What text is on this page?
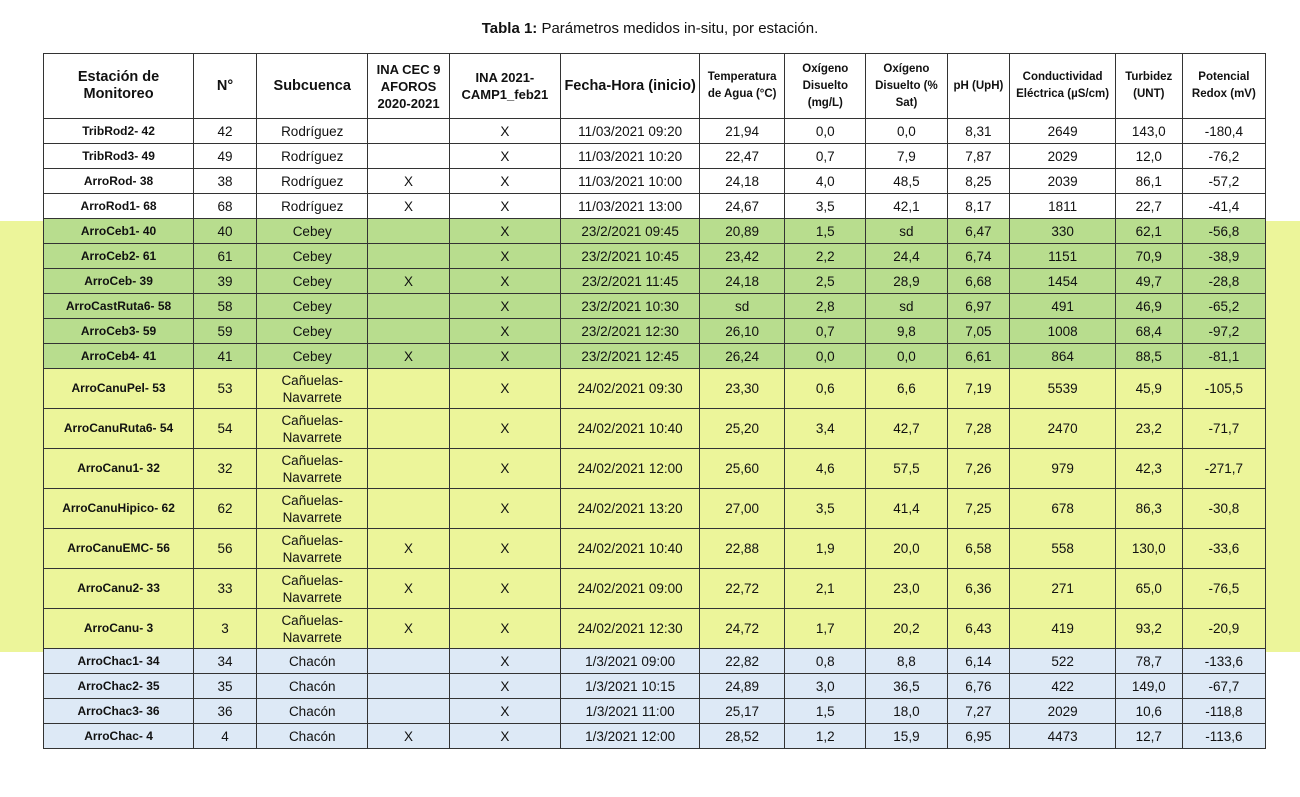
Tabla 1: Parámetros medidos in-situ, por estación.
Estación de Monitoreo	N°	Subcuenca	INA CEC 9 AFOROS 2020-2021	INA 2021-CAMP1_feb21	Fecha-Hora (inicio)	Temperatura de Agua (°C)	Oxígeno Disuelto (mg/L)	Oxígeno Disuelto (% Sat)	pH (UpH)	Conductividad Eléctrica (µS/cm)	Turbidez (UNT)	Potencial Redox (mV)
TribRod2- 42	42	Rodríguez		X	11/03/2021 09:20	21,94	0,0	0,0	8,31	2649	143,0	-180,4
TribRod3- 49	49	Rodríguez		X	11/03/2021 10:20	22,47	0,7	7,9	7,87	2029	12,0	-76,2
ArroRod- 38	38	Rodríguez	X	X	11/03/2021 10:00	24,18	4,0	48,5	8,25	2039	86,1	-57,2
ArroRod1- 68	68	Rodríguez	X	X	11/03/2021 13:00	24,67	3,5	42,1	8,17	1811	22,7	-41,4
ArroCeb1- 40	40	Cebey		X	23/2/2021 09:45	20,89	1,5	sd	6,47	330	62,1	-56,8
ArroCeb2- 61	61	Cebey		X	23/2/2021 10:45	23,42	2,2	24,4	6,74	1151	70,9	-38,9
ArroCeb- 39	39	Cebey	X	X	23/2/2021 11:45	24,18	2,5	28,9	6,68	1454	49,7	-28,8
ArroCastRuta6- 58	58	Cebey		X	23/2/2021 10:30	sd	2,8	sd	6,97	491	46,9	-65,2
ArroCeb3- 59	59	Cebey		X	23/2/2021 12:30	26,10	0,7	9,8	7,05	1008	68,4	-97,2
ArroCeb4- 41	41	Cebey	X	X	23/2/2021 12:45	26,24	0,0	0,0	6,61	864	88,5	-81,1
ArroCanuPel- 53	53	Cañuelas-Navarrete		X	24/02/2021 09:30	23,30	0,6	6,6	7,19	5539	45,9	-105,5
ArroCanuRuta6- 54	54	Cañuelas-Navarrete		X	24/02/2021 10:40	25,20	3,4	42,7	7,28	2470	23,2	-71,7
ArroCanu1- 32	32	Cañuelas-Navarrete		X	24/02/2021 12:00	25,60	4,6	57,5	7,26	979	42,3	-271,7
ArroCanuHipico- 62	62	Cañuelas-Navarrete		X	24/02/2021 13:20	27,00	3,5	41,4	7,25	678	86,3	-30,8
ArroCanuEMC- 56	56	Cañuelas-Navarrete	X	X	24/02/2021 10:40	22,88	1,9	20,0	6,58	558	130,0	-33,6
ArroCanu2- 33	33	Cañuelas-Navarrete	X	X	24/02/2021 09:00	22,72	2,1	23,0	6,36	271	65,0	-76,5
ArroCanu- 3	3	Cañuelas-Navarrete	X	X	24/02/2021 12:30	24,72	1,7	20,2	6,43	419	93,2	-20,9
ArroChac1- 34	34	Chacón		X	1/3/2021 09:00	22,82	0,8	8,8	6,14	522	78,7	-133,6
ArroChac2- 35	35	Chacón		X	1/3/2021 10:15	24,89	3,0	36,5	6,76	422	149,0	-67,7
ArroChac3- 36	36	Chacón		X	1/3/2021 11:00	25,17	1,5	18,0	7,27	2029	10,6	-118,8
ArroChac- 4	4	Chacón	X	X	1/3/2021 12:00	28,52	1,2	15,9	6,95	4473	12,7	-113,6
